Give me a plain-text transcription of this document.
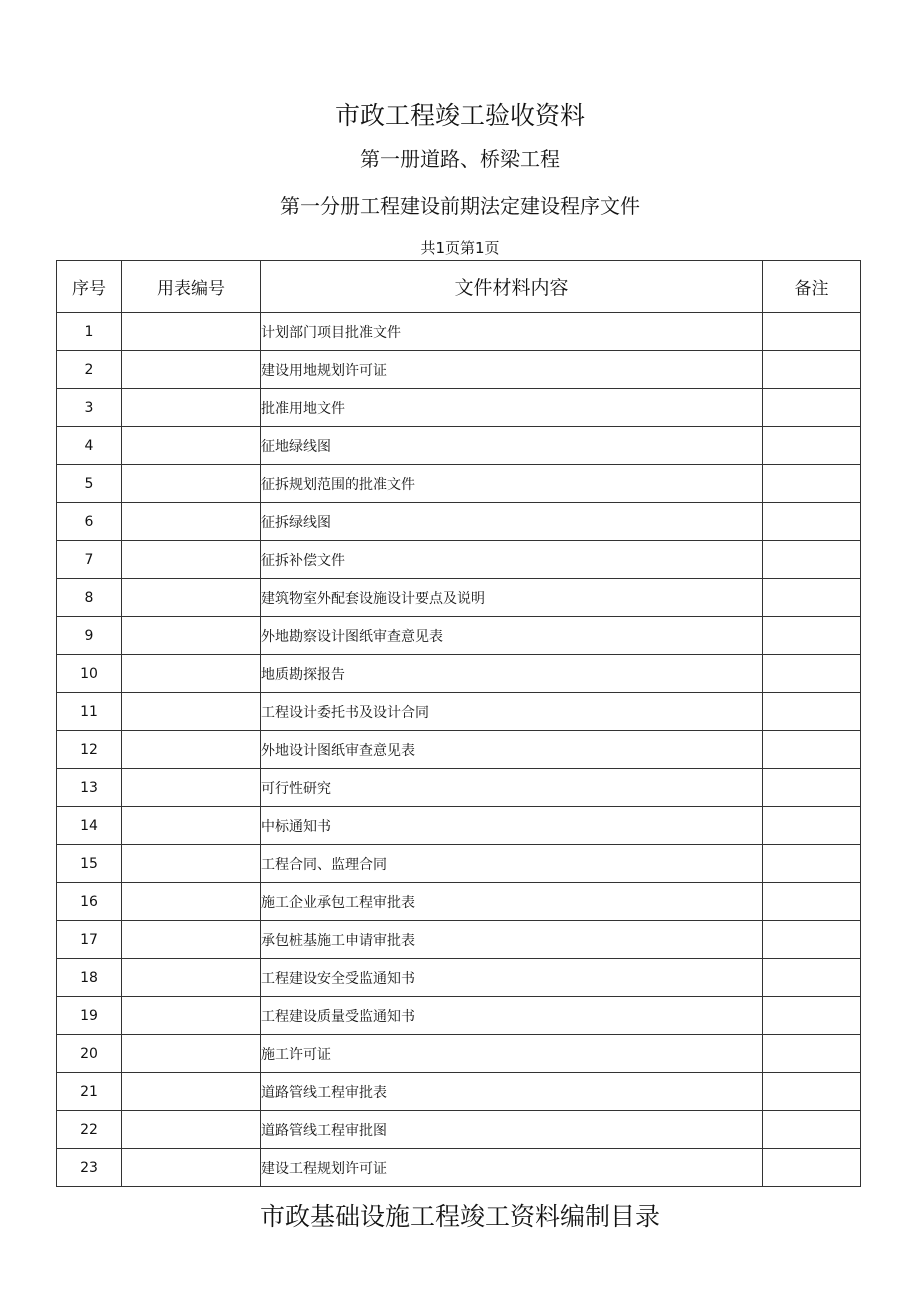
市政工程竣工验收资料
第一册道路、桥梁工程
第一分册工程建设前期法定建设程序文件
共1页第1页
序号	用表编号	文件材料内容	备注
1		计划部门项目批准文件	
2		建设用地规划许可证	
3		批准用地文件	
4		征地绿线图	
5		征拆规划范围的批准文件	
6		征拆绿线图	
7		征拆补偿文件	
8		建筑物室外配套设施设计要点及说明	
9		外地勘察设计图纸审查意见表	
10		地质勘探报告	
11		工程设计委托书及设计合同	
12		外地设计图纸审查意见表	
13		可行性研究	
14		中标通知书	
15		工程合同、监理合同	
16		施工企业承包工程审批表	
17		承包桩基施工申请审批表	
18		工程建设安全受监通知书	
19		工程建设质量受监通知书	
20		施工许可证	
21		道路管线工程审批表	
22		道路管线工程审批图	
23		建设工程规划许可证	
市政基础设施工程竣工资料编制目录
